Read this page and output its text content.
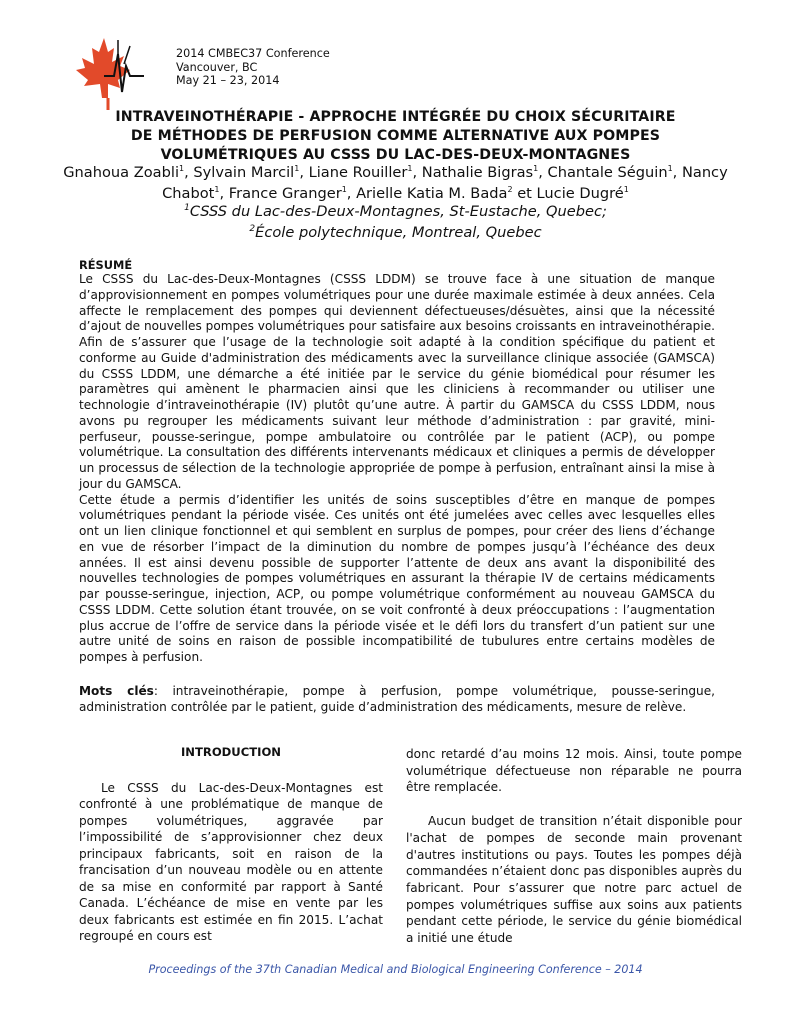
2014 CMBEC37 Conference
Vancouver, BC
May 21 – 23, 2014
INTRAVEINOTHÉRAPIE - APPROCHE INTÉGRÉE DU CHOIX SÉCURITAIRE
DE MÉTHODES DE PERFUSION COMME ALTERNATIVE AUX POMPES
VOLUMÉTRIQUES AU CSSS DU LAC-DES-DEUX-MONTAGNES
Gnahoua Zoabli$^1$, Sylvain Marcil$^1$, Liane Rouiller$^1$, Nathalie Bigras$^1$, Chantale Séguin$^1$, Nancy Chabot$^1$, France Granger$^1$, Arielle Katia M. Bada$^2$ et Lucie Dugré$^1$
$^1$CSSS du Lac-des-Deux-Montagnes, St-Eustache, Quebec;
$^2$École polytechnique, Montreal, Quebec
RÉSUMÉ

Le CSSS du Lac-des-Deux-Montagnes (CSSS LDDM) se trouve face à une situation de manque d’approvisionnement en pompes volumétriques pour une durée maximale estimée à deux années. Cela affecte le remplacement des pompes qui deviennent défectueuses/désuètes, ainsi que la nécessité d’ajout de nouvelles pompes volumétriques pour satisfaire aux besoins croissants en intraveinothérapie. Afin de s’assurer que l’usage de la technologie soit adapté à la condition spécifique du patient et conforme au Guide d'administration des médicaments avec la surveillance clinique associée (GAMSCA) du CSSS LDDM, une démarche a été initiée par le service du génie biomédical pour résumer les paramètres qui amènent le pharmacien ainsi que les cliniciens à recommander ou utiliser une technologie d’intraveinothérapie (IV) plutôt qu’une autre. À partir du GAMSCA du CSSS LDDM, nous avons pu regrouper les médicaments suivant leur méthode d’administration : par gravité, mini-perfuseur, pousse-seringue, pompe ambulatoire ou contrôlée par le patient (ACP), ou pompe volumétrique. La consultation des différents intervenants médicaux et cliniques a permis de développer un processus de sélection de la technologie appropriée de pompe à perfusion, entraînant ainsi la mise à jour du GAMSCA.

Cette étude a permis d’identifier les unités de soins susceptibles d’être en manque de pompes volumétriques pendant la période visée. Ces unités ont été jumelées avec celles avec lesquelles elles ont un lien clinique fonctionnel et qui semblent en surplus de pompes, pour créer des liens d’échange en vue de résorber l’impact de la diminution du nombre de pompes jusqu’à l’échéance des deux années. Il est ainsi devenu possible de supporter l’attente de deux ans avant la disponibilité des nouvelles technologies de pompes volumétriques en assurant la thérapie IV de certains médicaments par pousse-seringue, injection, ACP, ou pompe volumétrique conformément au nouveau GAMSCA du CSSS LDDM. Cette solution étant trouvée, on se voit confronté à deux préoccupations : l’augmentation plus accrue de l’offre de service dans la période visée et le défi lors du transfert d’un patient sur une autre unité de soins en raison de possible incompatibilité de tubulures entre certains modèles de pompes à perfusion.

Mots clés: intraveinothérapie, pompe à perfusion, pompe volumétrique, pousse-seringue, administration contrôlée par le patient, guide d’administration des médicaments, mesure de relève.
INTRODUCTION

Le CSSS du Lac-des-Deux-Montagnes est confronté à une problématique de manque de pompes volumétriques, aggravée par l’impossibilité de s’approvisionner chez deux principaux fabricants, soit en raison de la francisation d’un nouveau modèle ou en attente de sa mise en conformité par rapport à Santé Canada. L’échéance de mise en vente par les deux fabricants est estimée en fin 2015. L’achat regroupé en cours est

donc retardé d’au moins 12 mois. Ainsi, toute pompe volumétrique défectueuse non réparable ne pourra être remplacée.

Aucun budget de transition n’était disponible pour l'achat de pompes de seconde main provenant d'autres institutions ou pays. Toutes les pompes déjà commandées n’étaient donc pas disponibles auprès du fabricant. Pour s’assurer que notre parc actuel de pompes volumétriques suffise aux soins aux patients pendant cette période, le service du génie biomédical a initié une étude

Proceedings of the 37th Canadian Medical and Biological Engineering Conference – 2014
